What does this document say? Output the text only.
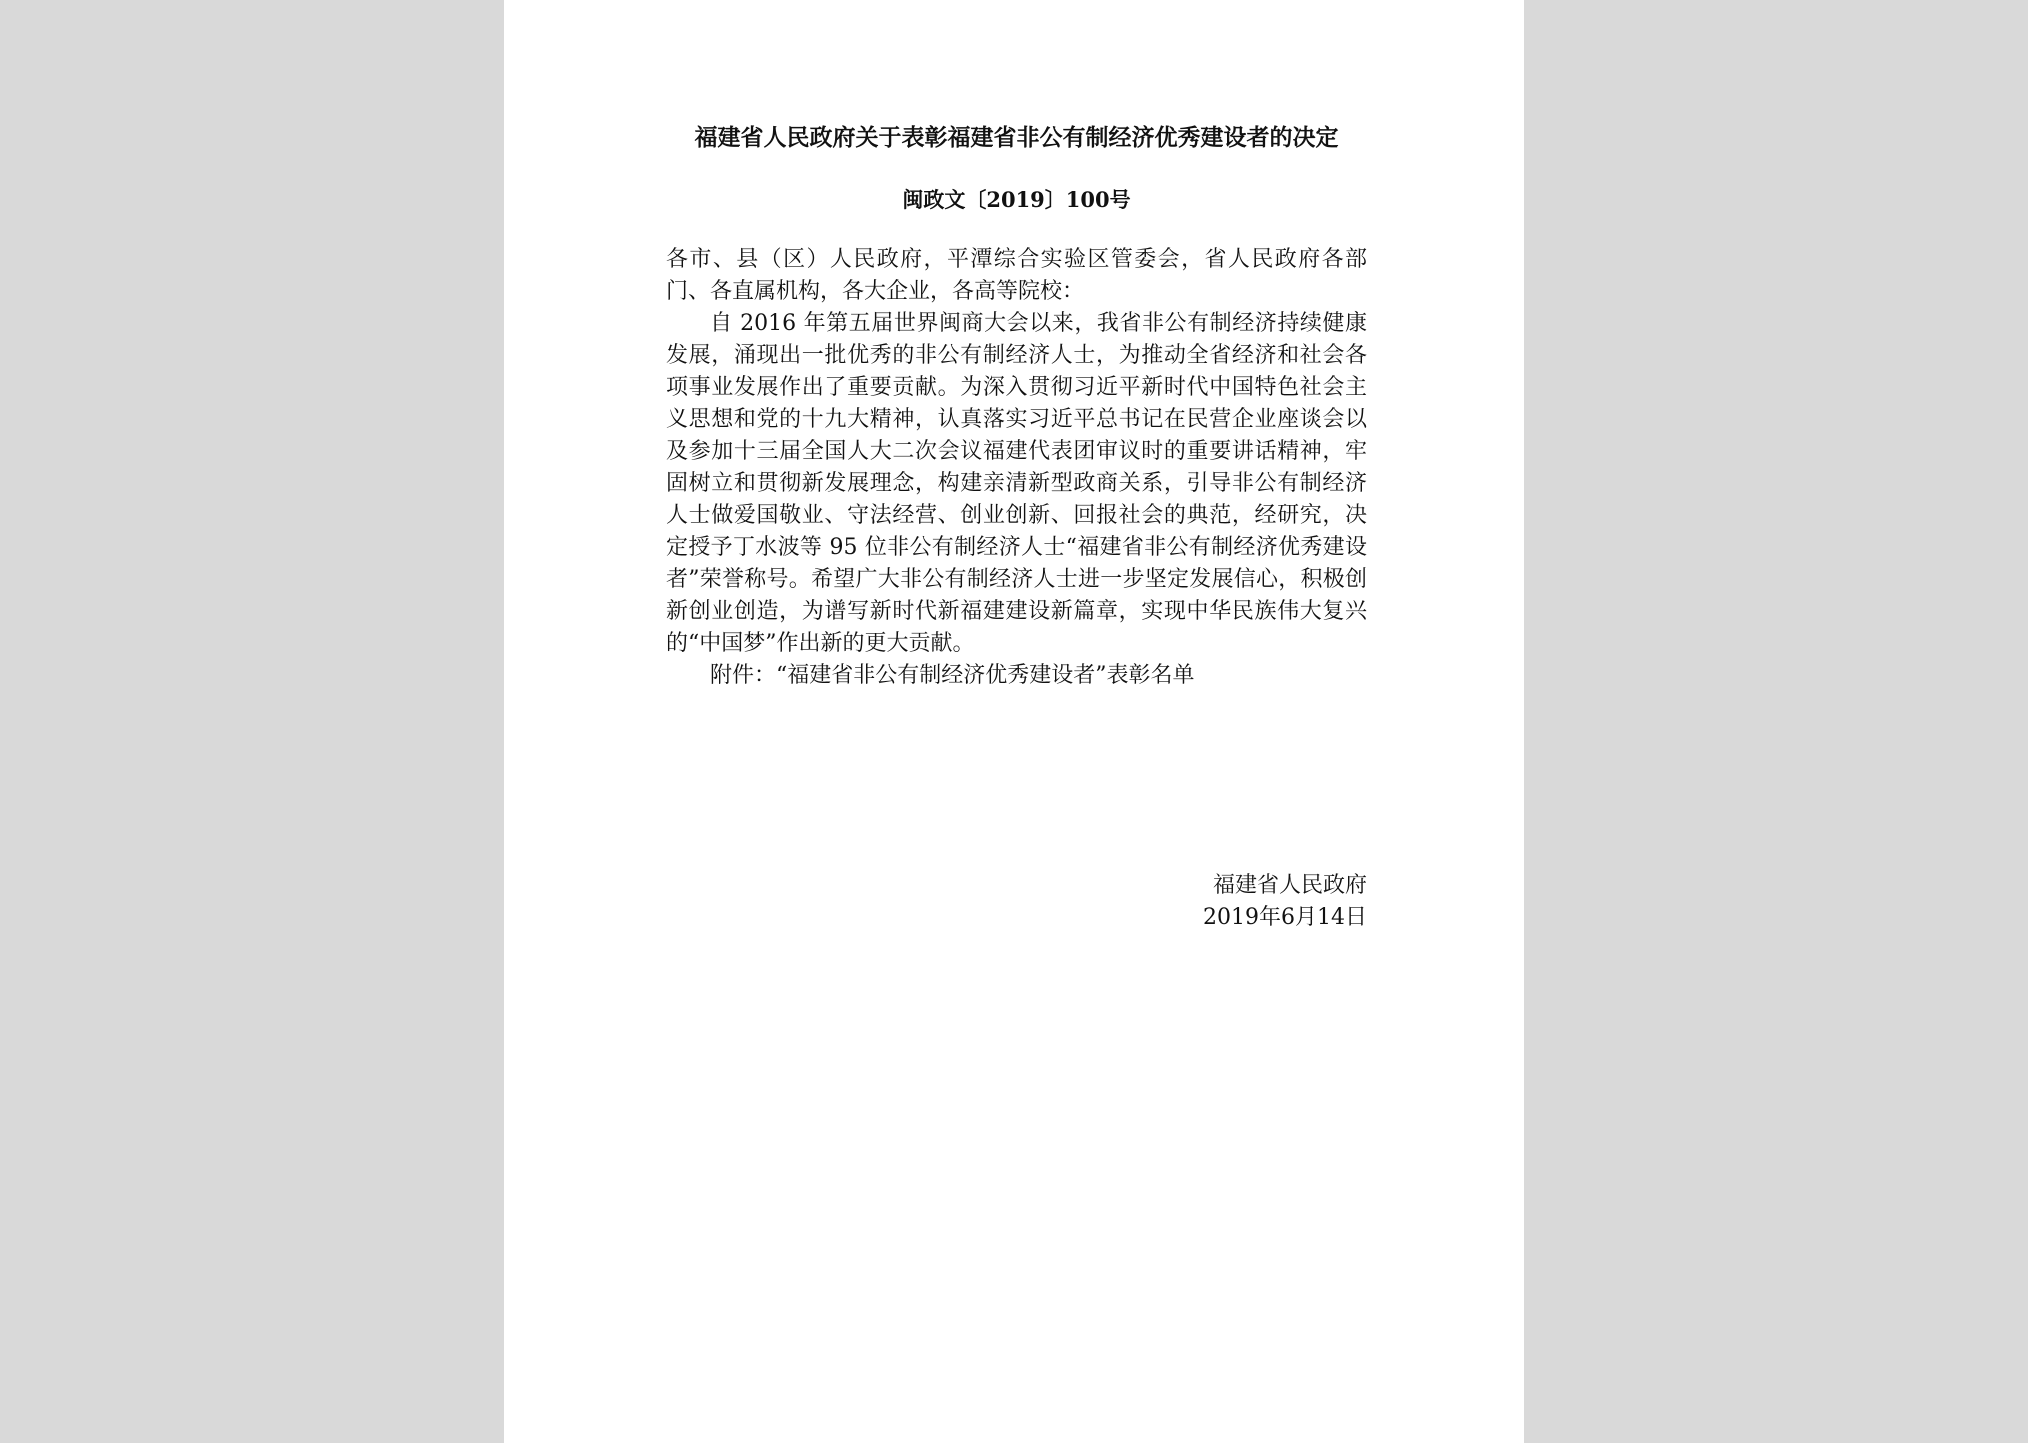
福建省人民政府关于表彰福建省非公有制经济优秀建设者的决定
闽政文〔2019〕100号

各市、县（区）人民政府，平潭综合实验区管委会，省人民政府各部门、各直属机构，各大企业，各高等院校：

自 2016 年第五届世界闽商大会以来，我省非公有制经济持续健康发展，涌现出一批优秀的非公有制经济人士，为推动全省经济和社会各项事业发展作出了重要贡献。为深入贯彻习近平新时代中国特色社会主义思想和党的十九大精神，认真落实习近平总书记在民营企业座谈会以及参加十三届全国人大二次会议福建代表团审议时的重要讲话精神，牢固树立和贯彻新发展理念，构建亲清新型政商关系，引导非公有制经济人士做爱国敬业、守法经营、创业创新、回报社会的典范，经研究，决定授予丁水波等 95 位非公有制经济人士“福建省非公有制经济优秀建设者”荣誉称号。希望广大非公有制经济人士进一步坚定发展信心，积极创新创业创造，为谱写新时代新福建建设新篇章，实现中华民族伟大复兴的“中国梦”作出新的更大贡献。

附件：“福建省非公有制经济优秀建设者”表彰名单

福建省人民政府
2019年6月14日
